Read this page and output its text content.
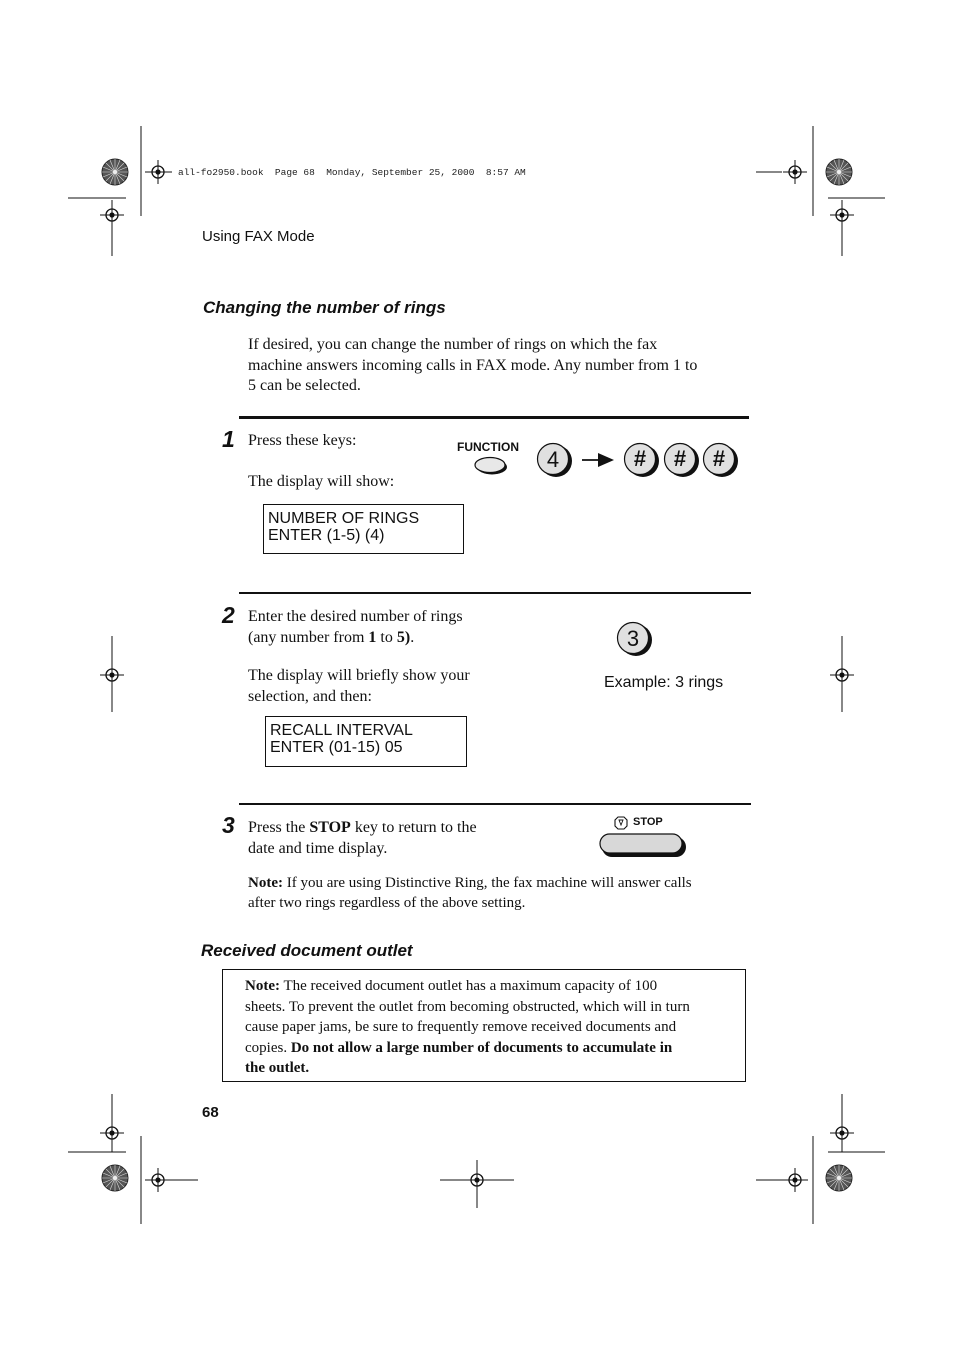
all-fo2950.book  Page 68  Monday, September 25, 2000  8:57 AM
Using FAX Mode
Changing the number of rings
If desired, you can change the number of rings on which the fax
machine answers incoming calls in FAX mode. Any number from 1 to
5 can be selected.
1 Press these keys:
The display will show:
NUMBER OF RINGS
ENTER (1-5) (4)
FUNCTION	4	#	#	#
2 Enter the desired number of rings
(any number from 1 to 5).
The display will briefly show your
selection, and then:
RECALL INTERVAL
ENTER (01-15) 05
3
Example: 3 rings
3 Press the STOP key to return to the
date and time display.
STOP
Note: If you are using Distinctive Ring, the fax machine will answer calls
after two rings regardless of the above setting.
Received document outlet
Note: The received document outlet has a maximum capacity of 100
sheets. To prevent the outlet from becoming obstructed, which will in turn
cause paper jams, be sure to frequently remove received documents and
copies. Do not allow a large number of documents to accumulate in
the outlet.
68
